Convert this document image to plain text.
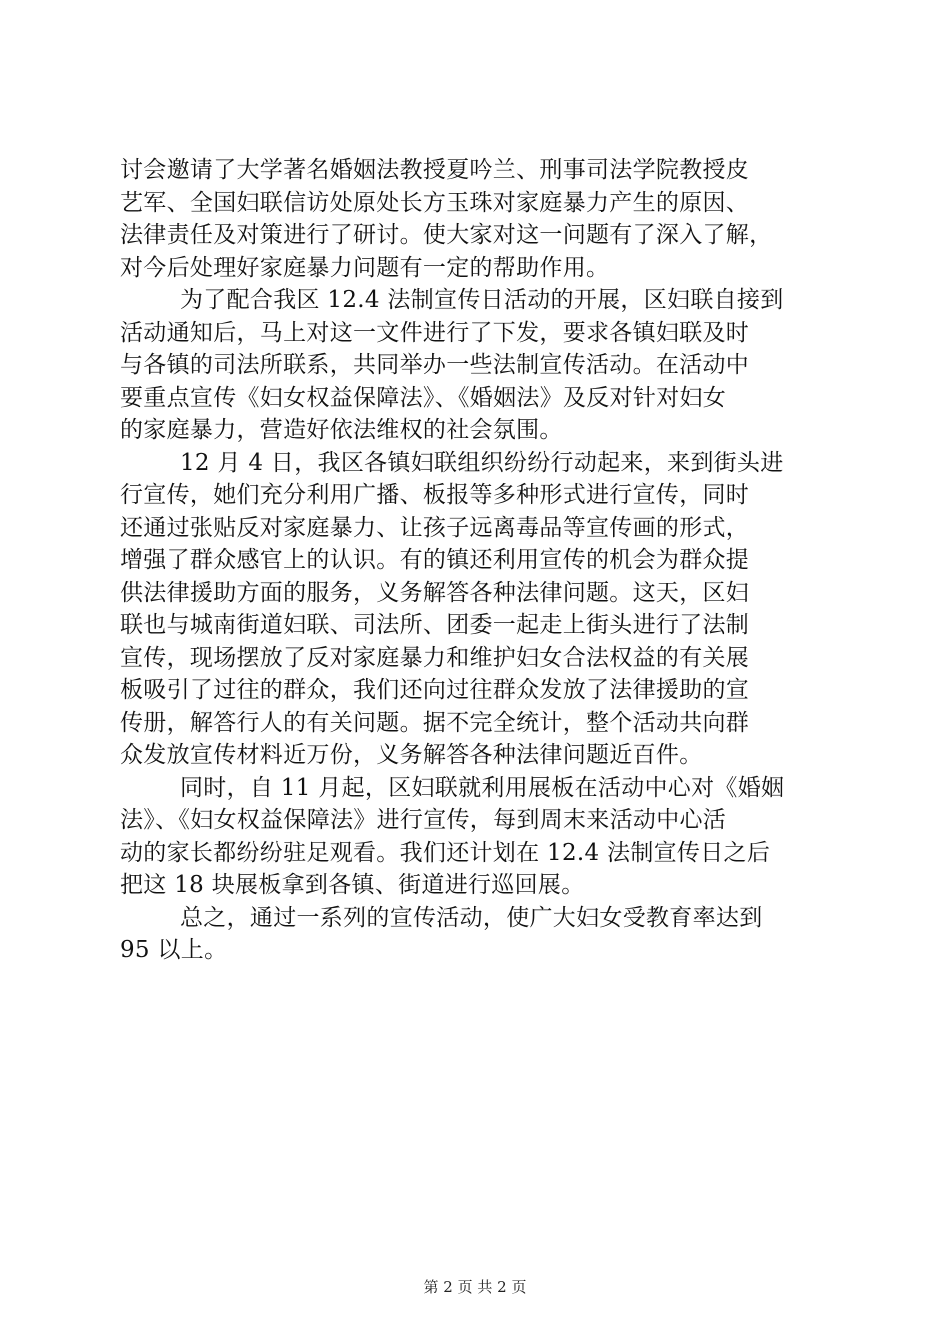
讨会邀请了大学著名婚姻法教授夏吟兰、刑事司法学院教授皮
艺军、全国妇联信访处原处长方玉珠对家庭暴力产生的原因、
法律责任及对策进行了研讨。使大家对这一问题有了深入了解，
对今后处理好家庭暴力问题有一定的帮助作用。
为了配合我区 12.4 法制宣传日活动的开展，区妇联自接到
活动通知后，马上对这一文件进行了下发，要求各镇妇联及时
与各镇的司法所联系，共同举办一些法制宣传活动。在活动中
要重点宣传《妇女权益保障法》、《婚姻法》及反对针对妇女
的家庭暴力，营造好依法维权的社会氛围。
12 月 4 日，我区各镇妇联组织纷纷行动起来，来到街头进
行宣传，她们充分利用广播、板报等多种形式进行宣传，同时
还通过张贴反对家庭暴力、让孩子远离毒品等宣传画的形式，
增强了群众感官上的认识。有的镇还利用宣传的机会为群众提
供法律援助方面的服务，义务解答各种法律问题。这天，区妇
联也与城南街道妇联、司法所、团委一起走上街头进行了法制
宣传，现场摆放了反对家庭暴力和维护妇女合法权益的有关展
板吸引了过往的群众，我们还向过往群众发放了法律援助的宣
传册，解答行人的有关问题。据不完全统计，整个活动共向群
众发放宣传材料近万份，义务解答各种法律问题近百件。
同时，自 11 月起，区妇联就利用展板在活动中心对《婚姻
法》、《妇女权益保障法》进行宣传，每到周末来活动中心活
动的家长都纷纷驻足观看。我们还计划在 12.4 法制宣传日之后
把这 18 块展板拿到各镇、街道进行巡回展。
总之，通过一系列的宣传活动，使广大妇女受教育率达到
95 以上。
第 2 页 共 2 页
